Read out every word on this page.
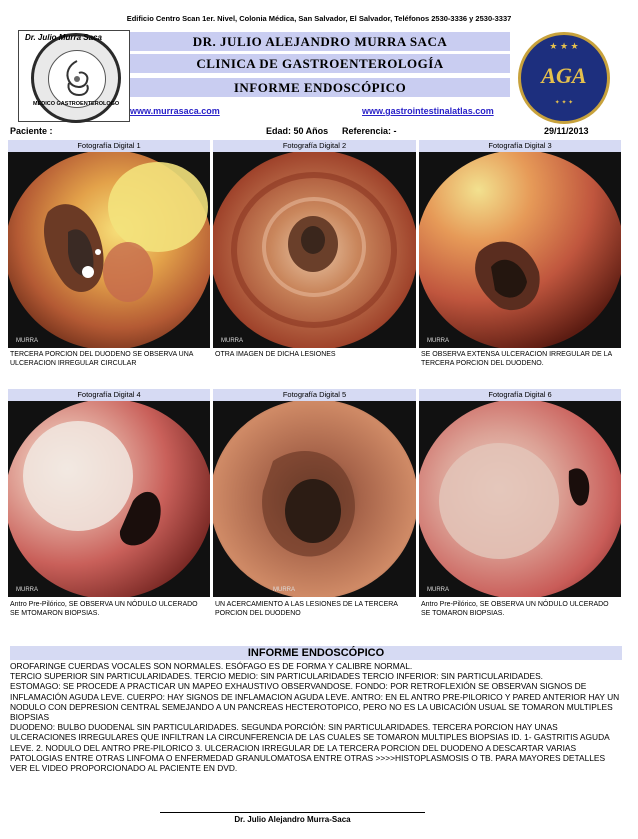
Edificio Centro Scan 1er. Nivel, Colonia Médica, San Salvador, El Salvador, Teléfonos 2530-3336 y 2530-3337
Dr. Julio Murra Saca
MEDICO GASTROENTEROLOGO
DR. JULIO ALEJANDRO MURRA SACA
CLINICA DE GASTROENTEROLOGÍA
INFORME ENDOSCÓPICO
★ ★ ★
AGA
✦ ✦ ✦
www.murrasaca.com	www.gastrointestinalatlas.com
Paciente :	Edad: 50 Años Referencia: -	29/11/2013
Fotografía Digital 1	Fotografía Digital 2	Fotografía Digital 3
MURRA	MURRA	MURRA
TERCERA PORCION DEL DUODENO SE OBSERVA UNA ULCERACION IRREGULAR CIRCULAR
OTRA IMAGEN DE DICHA LESIONES	SE OBSERVA EXTENSA ULCERACION IRREGULAR DE LA TERCERA PORCION DEL DUODENO.
Fotografía Digital 4	Fotografía Digital 5	Fotografía Digital 6
MURRA	MURRA	MURRA
Antro Pre-Pilórico, SE OBSERVA UN NÓDULO ULCERADO SE MTOMARON BIOPSIAS.
UN ACERCAMIENTO A LAS LESIONES DE LA TERCERA PORCION DEL DUODENO
Antro Pre-Pilórico, SE OBSERVA UN NÓDULO ULCERADO SE TOMARON BIOPSIAS.
INFORME ENDOSCÓPICO

OROFARINGE CUERDAS VOCALES SON NORMALES. ESÓFAGO ES DE FORMA Y CALIBRE NORMAL.

TERCIO SUPERIOR SIN PARTICULARIDADES. TERCIO MEDIO: SIN PARTICULARIDADES TERCIO INFERIOR: SIN PARTICULARIDADES.

ESTOMAGO: SE PROCEDE A PRACTICAR UN MAPEO EXHAUSTIVO OBSERVANDOSE. FONDO: POR RETROFLEXIÓN SE OBSERVAN SIGNOS DE INFLAMACIÓN AGUDA LEVE. CUERPO: HAY SIGNOS DE INFLAMACION AGUDA LEVE. ANTRO: EN EL ANTRO PRE-PILORICO Y PARED ANTERIOR HAY UN NODULO CON DEPRESION CENTRAL SEMEJANDO A UN PANCREAS HECTEROTOPICO, PERO NO ES LA UBICACIÓN USUAL SE TOMARON MULTIPLES BIOPSIAS

DUODENO: BULBO DUODENAL SIN PARTICULARIDADES. SEGUNDA PORCIÓN: SIN PARTICULARIDADES. TERCERA PORCION HAY UNAS ULCERACIONES IRREGULARES QUE INFILTRAN LA CIRCUNFERENCIA DE LAS CUALES SE TOMARON MULTIPLES BIOPSIAS ID. 1- GASTRITIS AGUDA LEVE. 2. NODULO DEL ANTRO PRE-PILORICO 3. ULCERACION IRREGULAR DE LA TERCERA PORCION DEL DUODENO A DESCARTAR VARIAS PATOLOGIAS ENTRE OTRAS LINFOMA O ENFERMEDAD GRANULOMATOSA ENTRE OTRAS >>>>HISTOPLASMOSIS O TB. PARA MAYORES DETALLES VER EL VIDEO PROPORCIONADO AL PACIENTE EN DVD.

Dr. Julio Alejandro Murra-Saca
